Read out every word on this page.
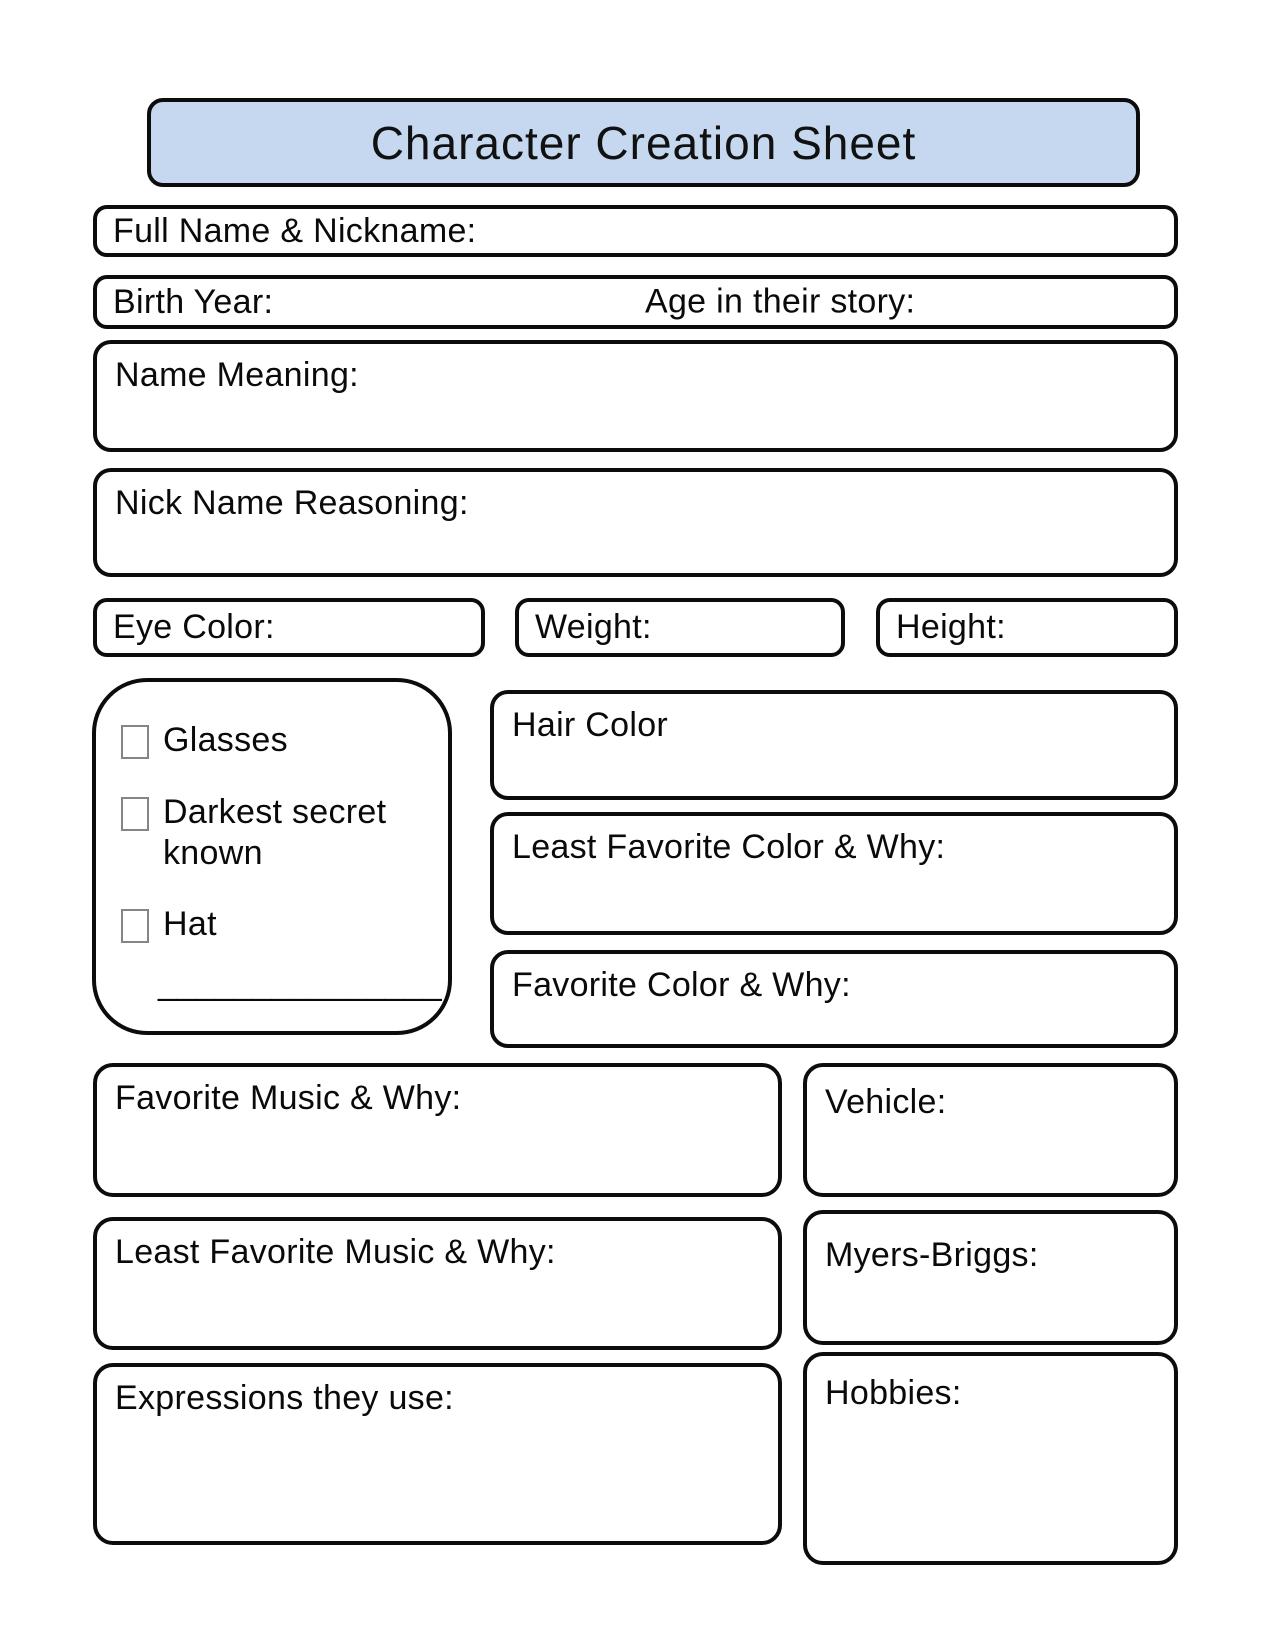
Character Creation Sheet
Full Name & Nickname:
Birth Year:	Age in their story:
Name Meaning:
Nick Name Reasoning:
Eye Color:	Weight:	Height:
Glasses
Darkest secret known
Hat
_______________
Hair Color
Least Favorite Color & Why:
Favorite Color & Why:
Favorite Music & Why:	Vehicle:
Least Favorite Music & Why:	Myers-Briggs:
Expressions they use:	Hobbies:
